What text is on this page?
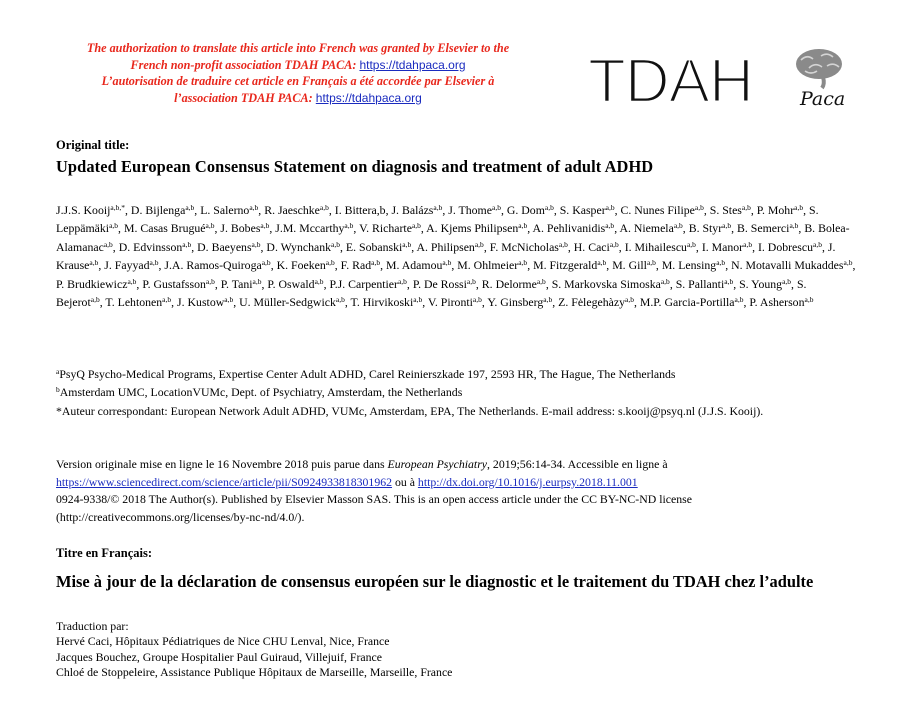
The authorization to translate this article into French was granted by Elsevier to the
French non-profit association TDAH PACA: https://tdahpaca.org
L’autorisation de traduire cet article en Français a été accordée par Elsevier à
l’association TDAH PACA: https://tdahpaca.org	TDAH Paca
Original title:
Updated European Consensus Statement on diagnosis and treatment of adult ADHD
J.J.S. Kooij$^{a,b,*}$, D. Bijlenga$^{a,b}$, L. Salerno$^{a,b}$, R. Jaeschke$^{a,b}$, I. Bittera,b, J. Balázs$^{a,b}$, J. Thome$^{a,b}$, G. Dom$^{a,b}$, S. Kasper$^{a,b}$, C. Nunes Filipe$^{a,b}$, S. Stes$^{a,b}$, P. Mohr$^{a,b}$, S. Leppämäki$^{a,b}$, M. Casas Brugué$^{a,b}$, J. Bobes$^{a,b}$, J.M. Mccarthy$^{a,b}$, V. Richarte$^{a,b}$, A. Kjems Philipsen$^{a,b}$, A. Pehlivanidis$^{a,b}$, A. Niemela$^{a,b}$, B. Styr$^{a,b}$, B. Semerci$^{a,b}$, B. Bolea-Alamanac$^{a,b}$, D. Edvinsson$^{a,b}$, D. Baeyens$^{a,b}$, D. Wynchank$^{a,b}$, E. Sobanski$^{a,b}$, A. Philipsen$^{a,b}$, F. McNicholas$^{a,b}$, H. Caci$^{a,b}$, I. Mihailescu$^{a,b}$, I. Manor$^{a,b}$, I. Dobrescu$^{a,b}$, J. Krause$^{a,b}$, J. Fayyad$^{a,b}$, J.A. Ramos-Quiroga$^{a,b}$, K. Foeken$^{a,b}$, F. Rad$^{a,b}$, M. Adamou$^{a,b}$, M. Ohlmeier$^{a,b}$, M. Fitzgerald$^{a,b}$, M. Gill$^{a,b}$, M. Lensing$^{a,b}$, N. Motavalli Mukaddes$^{a,b}$, P. Brudkiewicz$^{a,b}$, P. Gustafsson$^{a,b}$, P. Tani$^{a,b}$, P. Oswald$^{a,b}$, P.J. Carpentier$^{a,b}$, P. De Rossi$^{a,b}$, R. Delorme$^{a,b}$, S. Markovska Simoska$^{a,b}$, S. Pallanti$^{a,b}$, S. Young$^{a,b}$, S. Bejerot$^{a,b}$, T. Lehtonen$^{a,b}$, J. Kustow$^{a,b}$, U. Müller-Sedgwick$^{a,b}$, T. Hirvikoski$^{a,b}$, V. Pironti$^{a,b}$, Y. Ginsberg$^{a,b}$, Z. Fėlegehàzy$^{a,b}$, M.P. Garcia-Portilla$^{a,b}$, P. Asherson$^{a,b}$
$^a$PsyQ Psycho-Medical Programs, Expertise Center Adult ADHD, Carel Reinierszkade 197, 2593 HR, The Hague, The Netherlands
$^b$Amsterdam UMC, LocationVUMc, Dept. of Psychiatry, Amsterdam, the Netherlands
*Auteur correspondant: European Network Adult ADHD, VUMc, Amsterdam, EPA, The Netherlands. E-mail address: s.kooij@psyq.nl (J.J.S. Kooij).
Version originale mise en ligne le 16 Novembre 2018 puis parue dans European Psychiatry, 2019;56:14-34. Accessible en ligne à https://www.sciencedirect.com/science/article/pii/S0924933818301962 ou à http://dx.doi.org/10.1016/j.eurpsy.2018.11.001
0924-9338/© 2018 The Author(s). Published by Elsevier Masson SAS. This is an open access article under the CC BY-NC-ND license (http://creativecommons.org/licenses/by-nc-nd/4.0/).
Titre en Français:
Mise à jour de la déclaration de consensus européen sur le diagnostic et le traitement du TDAH chez l’adulte
Traduction par:
Hervé Caci, Hôpitaux Pédiatriques de Nice CHU Lenval, Nice, France
Jacques Bouchez, Groupe Hospitalier Paul Guiraud, Villejuif, France
Chloé de Stoppeleire, Assistance Publique Hôpitaux de Marseille, Marseille, France
